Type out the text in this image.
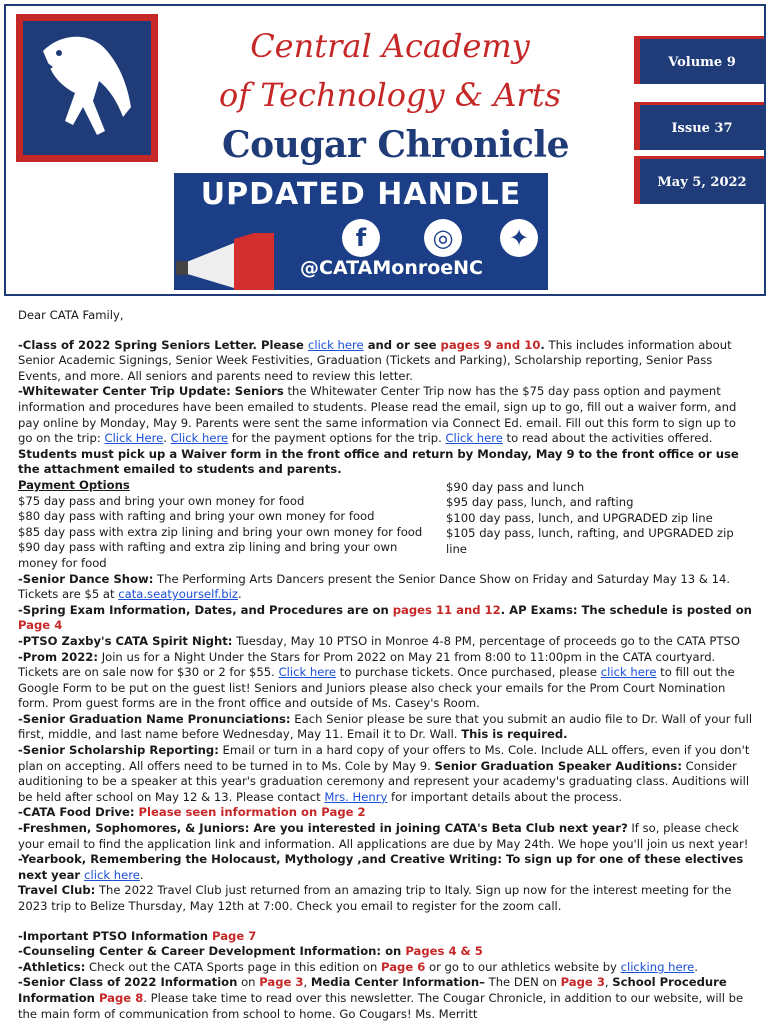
Central Academy
of Technology & Arts
Cougar Chronicle
Volume 9
Issue 37
May 5, 2022
UPDATED HANDLE
f	◎	✦
@CATAMonroeNC

Dear CATA Family,

-Class of 2022 Spring Seniors Letter. Please click here and or see pages 9 and 10. This includes information about Senior Academic Signings, Senior Week Festivities, Graduation (Tickets and Parking), Scholarship reporting, Senior Pass Events, and more. All seniors and parents need to review this letter.

-Whitewater Center Trip Update: Seniors the Whitewater Center Trip now has the $75 day pass option and payment information and procedures have been emailed to students. Please read the email, sign up to go, fill out a waiver form, and pay online by Monday, May 9. Parents were sent the same information via Connect Ed. email. Fill out this form to sign up to go on the trip: Click Here. Click here for the payment options for the trip. Click here to read about the activities offered. Students must pick up a Waiver form in the front office and return by Monday, May 9 to the front office or use the attachment emailed to students and parents.

Payment Options

$75 day pass and bring your own money for food
$80 day pass with rafting and bring your own money for food
$85 day pass with extra zip lining and bring your own money for food
$90 day pass with rafting and extra zip lining and bring your own money for food
$90 day pass and lunch
$95 day pass, lunch, and rafting
$100 day pass, lunch, and UPGRADED zip line
$105 day pass, lunch, rafting, and UPGRADED zip line

-Senior Dance Show: The Performing Arts Dancers present the Senior Dance Show on Friday and Saturday May 13 & 14. Tickets are $5 at cata.seatyourself.biz.

-Spring Exam Information, Dates, and Procedures are on pages 11 and 12. AP Exams: The schedule is posted on Page 4

-PTSO Zaxby's CATA Spirit Night: Tuesday, May 10 PTSO in Monroe 4-8 PM, percentage of proceeds go to the CATA PTSO

-Prom 2022: Join us for a Night Under the Stars for Prom 2022 on May 21 from 8:00 to 11:00pm in the CATA courtyard. Tickets are on sale now for $30 or 2 for $55. Click here to purchase tickets. Once purchased, please click here to fill out the Google Form to be put on the guest list! Seniors and Juniors please also check your emails for the Prom Court Nomination form. Prom guest forms are in the front office and outside of Ms. Casey's Room.

-Senior Graduation Name Pronunciations: Each Senior please be sure that you submit an audio file to Dr. Wall of your full first, middle, and last name before Wednesday, May 11. Email it to Dr. Wall. This is required.

-Senior Scholarship Reporting: Email or turn in a hard copy of your offers to Ms. Cole. Include ALL offers, even if you don't plan on accepting. All offers need to be turned in to Ms. Cole by May 9. Senior Graduation Speaker Auditions: Consider auditioning to be a speaker at this year's graduation ceremony and represent your academy's graduating class. Auditions will be held after school on May 12 & 13. Please contact Mrs. Henry for important details about the process.

-CATA Food Drive: Please seen information on Page 2

-Freshmen, Sophomores, & Juniors: Are you interested in joining CATA's Beta Club next year? If so, please check your email to find the application link and information. All applications are due by May 24th. We hope you'll join us next year!

-Yearbook, Remembering the Holocaust, Mythology ,and Creative Writing: To sign up for one of these electives next year click here.

Travel Club: The 2022 Travel Club just returned from an amazing trip to Italy. Sign up now for the interest meeting for the 2023 trip to Belize Thursday, May 12th at 7:00. Check you email to register for the zoom call.

-Important PTSO Information Page 7

-Counseling Center & Career Development Information: on Pages 4 & 5

-Athletics: Check out the CATA Sports page in this edition on Page 6 or go to our athletics website by clicking here.

-Senior Class of 2022 Information on Page 3, Media Center Information– The DEN on Page 3, School Procedure Information Page 8. Please take time to read over this newsletter. The Cougar Chronicle, in addition to our website, will be the main form of communication from school to home. Go Cougars! Ms. Merritt
